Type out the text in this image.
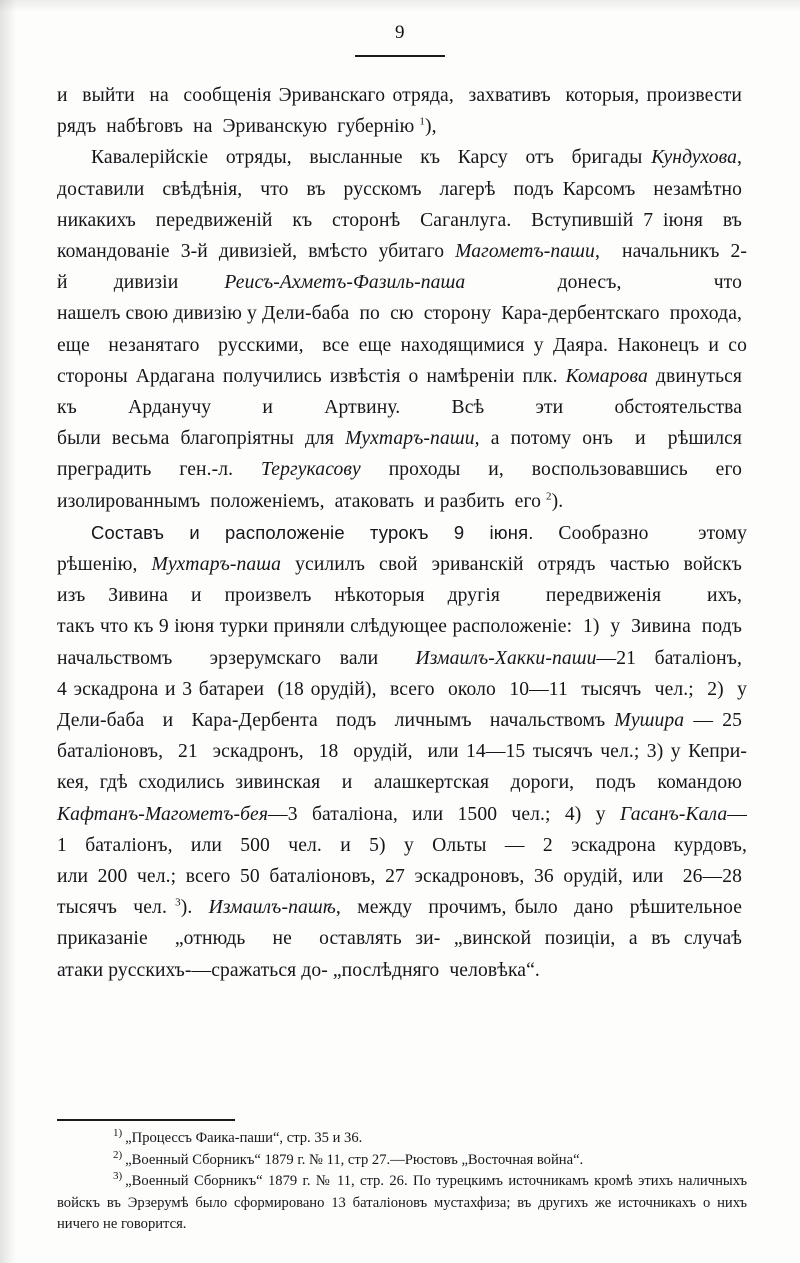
9

и  выйти  на  сообщенія Эриванскаго отряда,  захвативъ  которыя, произвести  рядъ  набѣговъ  на  Эриванскую  губернію $^1$),

Кавалерійскіе  отряды,  высланные  къ  Карсу  отъ  бригады Кундухова,  доставили  свѣдѣнія,  что  въ  русскомъ  лагерѣ  подъ Карсомъ  незамѣтно  никакихъ  передвиженій  къ  сторонѣ  Саганлуга.  Вступившій 7 іюня  въ  командованіе 3-й дивизіей, вмѣсто убитаго Магометъ-паши,  начальникъ 2-й дивизіи Реисъ-Ахметъ-Фазиль-паша  донесъ,  что  нашелъ свою дивизію у Дели-баба  по  сю  сторону  Кара-дербентскаго  прохода,  еще  незанятаго  русскими,  все еще находящимися у Даяра. Наконецъ и со стороны Ардагана получились извѣстія о намѣреніи плк. Комарова двинуться  къ  Арданучу  и  Артвину.  Всѣ  эти  обстоятельства  были весьма благопріятны для Мухтаръ-паши, а потому онъ  и  рѣшился  преградить  ген.-л.  Тергукасову  проходы  и,  воспользовавшись  его  изолированнымъ  положеніемъ,  атаковать  и разбить  его $^2$).

Составъ и расположеніе турокъ 9 іюня. Сообразно  этому рѣшенію, Мухтаръ-паша усилилъ свой эриванскій отрядъ частью войскъ  изъ Зивина и произвелъ нѣкоторыя другія  передвиженія  ихъ,  такъ что къ 9 іюня турки приняли слѣдующее расположеніе:  1)  у  Зивина  подъ  начальствомъ  эрзерумскаго вали  Измаилъ-Хакки-паши—21 баталіонъ,  4 эскадрона и 3 батареи  (18 орудій),  всего  около  10—11  тысячъ  чел.;  2)  у Дели-баба  и  Кара-Дербента  подъ  личнымъ  начальствомъ Мушира — 25  баталіоновъ,  21  эскадронъ,  18  орудій,  или 14—15 тысячъ чел.; 3) у Кепри-кея, гдѣ сходились зивинская  и  алашкертская  дороги,  подъ  командою  Кафтанъ-Магометъ-бея—3 баталіона, или 1500 чел.; 4) у Гасанъ-Кала—1 баталіонъ, или 500 чел. и 5) у Ольты — 2 эскадрона курдовъ, или 200 чел.; всего 50 баталіоновъ, 27 эскадроновъ, 36 орудій, или  26—28  тысячъ  чел. $^3$).  Измаилъ-пашѣ,  между  прочимъ, было  дано  рѣшительное  приказаніе  „отнюдь  не  оставлять зи- „винской позиціи, а въ случаѣ  атаки русскихъ-—сражаться до- „послѣдняго  человѣка“.

$^{1)}$ „Процессъ Фаика-паши“, стр. 35 и 36.

$^{2)}$ „Военный Сборникъ“ 1879 г. № 11, стр 27.—Рюстовъ „Восточная война“.

$^{3)}$ „Военный Сборникъ“ 1879 г. № 11, стр. 26. По турецкимъ источникамъ кромѣ этихъ наличныхъ войскъ въ Эрзерумѣ было сформировано 13 баталіоновъ мустахфиза; въ другихъ же источникахъ о нихъ ничего не говорится.
